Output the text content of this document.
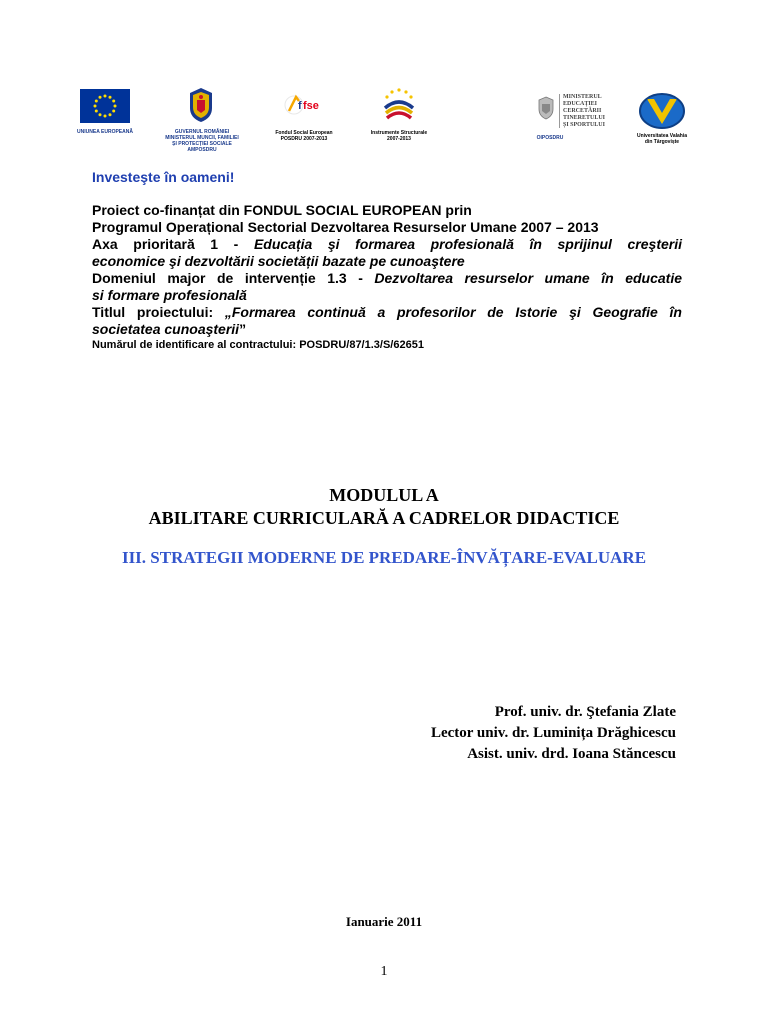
UNIUNEA EUROPEANĂ	GUVERNUL ROMÂNIEI
MINISTERUL MUNCII, FAMILIEI
ȘI PROTECȚIEI SOCIALE
AMPOSDRU
f fse
Fondul Social European
POSDRU 2007-2013
Instrumente Structurale
2007-2013
MINISTERUL
EDUCAȚIEI
CERCETĂRII
TINERETULUI
ȘI SPORTULUI
OIPOSDRU	Universitatea Valahia
din Târgoviște
Investeşte în oameni!
Proiect co-finanțat din FONDUL SOCIAL EUROPEAN prin
Programul Operațional Sectorial Dezvoltarea Resurselor Umane 2007 – 2013
Axa prioritară 1 - Educația şi formarea profesională în sprijinul creşterii
economice şi dezvoltării societății bazate pe cunoaştere
Domeniul major de intervenție 1.3 - Dezvoltarea resurselor umane în educatie
si formare profesională
Titlul proiectului: „Formarea continuă a profesorilor de Istorie şi Geografie în
societatea cunoaşterii”
Numărul de identificare al contractului: POSDRU/87/1.3/S/62651
MODULUL A
ABILITARE CURRICULARĂ A CADRELOR DIDACTICE
III. STRATEGII MODERNE DE PREDARE-ÎNVĂȚARE-EVALUARE
Prof. univ. dr. Ştefania Zlate
Lector univ. dr. Luminița Drăghicescu
Asist. univ. drd. Ioana Stăncescu
Ianuarie 2011
1
